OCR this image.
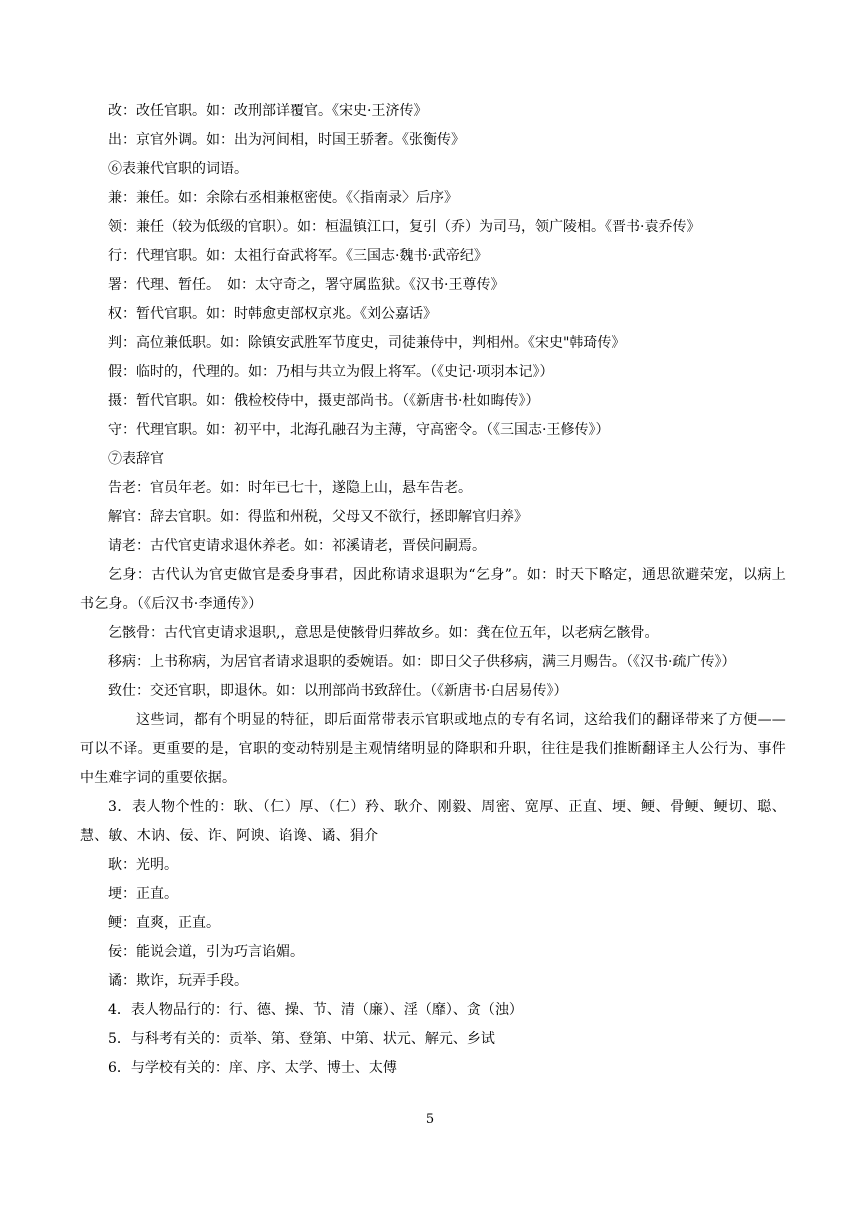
改：改任官职。如：改刑部详覆官。《宋史·王济传》
出：京官外调。如：出为河间相，时国王骄奢。《张衡传》
⑥表兼代官职的词语。
兼：兼任。如：余除右丞相兼枢密使。《〈指南录〉后序》
领：兼任（较为低级的官职）。如：桓温镇江口，复引（乔）为司马，领广陵相。《晋书·袁乔传》
行：代理官职。如：太祖行奋武将军。《三国志·魏书·武帝纪》
署：代理、暂任。　如：太守奇之，署守属监狱。《汉书·王尊传》
权：暂代官职。如：时韩愈吏部权京兆。《刘公嘉话》
判：高位兼低职。如：除镇安武胜军节度史，司徒兼侍中，判相州。《宋史"韩琦传》
假：临时的，代理的。如：乃相与共立为假上将军。（《史记·项羽本记》）
摄：暂代官职。如：俄检校侍中，摄吏部尚书。（《新唐书·杜如晦传》）
守：代理官职。如：初平中，北海孔融召为主薄，守高密令。（《三国志·王修传》）
⑦表辞官
告老：官员年老。如：时年已七十，遂隐上山，悬车告老。
解官：辞去官职。如：得监和州税，父母又不欲行，拯即解官归养》
请老：古代官吏请求退休养老。如：祁溪请老，晋侯问嗣焉。
乞身：古代认为官吏做官是委身事君，因此称请求退职为“乞身”。如：时天下略定，通思欲避荣宠，以病上书乞身。（《后汉书·李通传》）
乞骸骨：古代官吏请求退职,，意思是使骸骨归葬故乡。如：龚在位五年，以老病乞骸骨。
移病：上书称病，为居官者请求退职的委婉语。如：即日父子供移病，满三月赐告。（《汉书·疏广传》）
致仕：交还官职，即退休。如：以刑部尚书致辞仕。（《新唐书·白居易传》）
这些词，都有个明显的特征，即后面常带表示官职或地点的专有名词，这给我们的翻译带来了方便——可以不译。更重要的是，官职的变动特别是主观情绪明显的降职和升职，往往是我们推断翻译主人公行为、事件中生难字词的重要依据。
3．表人物个性的：耿、（仁）厚、（仁）矜、耿介、刚毅、周密、宽厚、正直、埂、鲠、骨鲠、鲠切、聪、慧、敏、木讷、佞、诈、阿谀、谄谗、谲、狷介
耿：光明。
埂：正直。
鲠：直爽，正直。
佞：能说会道，引为巧言谄媚。
谲：欺诈，玩弄手段。
4．表人物品行的：行、德、操、节、清（廉）、淫（靡）、贪（浊）
5．与科考有关的：贡举、第、登第、中第、状元、解元、乡试
6．与学校有关的：庠、序、太学、博士、太傅
5
